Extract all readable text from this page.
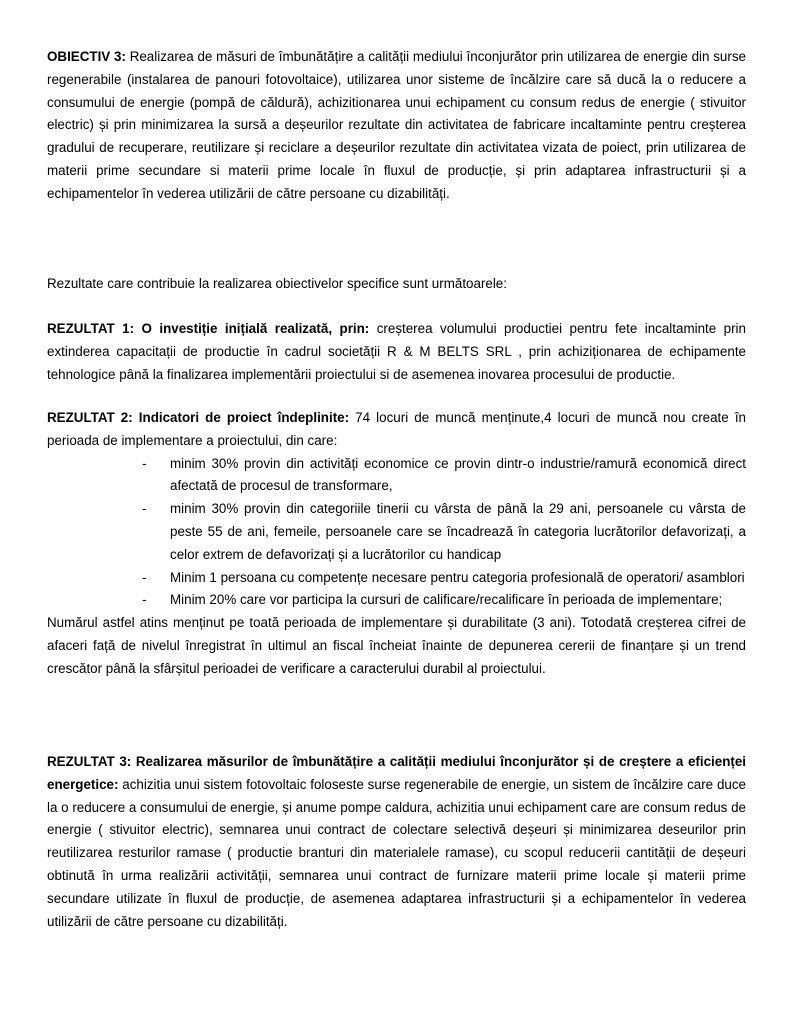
OBIECTIV 3: Realizarea de măsuri de îmbunătățire a calității mediului înconjurător prin utilizarea de energie din surse regenerabile (instalarea de panouri fotovoltaice), utilizarea unor sisteme de încălzire care să ducă la o reducere a consumului de energie (pompă de căldură), achizitionarea unui echipament cu consum redus de energie ( stivuitor electric) și prin minimizarea la sursă a deșeurilor rezultate din activitatea de fabricare incaltaminte pentru creșterea gradului de recuperare, reutilizare și reciclare a deșeurilor rezultate din activitatea vizata de poiect, prin utilizarea de materii prime secundare si materii prime locale în fluxul de producție, și prin adaptarea infrastructurii și a echipamentelor în vederea utilizării de către persoane cu dizabilități.

Rezultate care contribuie la realizarea obiectivelor specifice sunt următoarele:

REZULTAT 1: O investiție inițială realizată, prin: creșterea volumului productiei pentru fete incaltaminte prin extinderea capacitații de productie în cadrul societății R & M BELTS SRL , prin achiziționarea de echipamente tehnologice până la finalizarea implementării proiectului si de asemenea inovarea procesului de productie.

REZULTAT 2: Indicatori de proiect îndeplinite: 74 locuri de muncă menținute,4 locuri de muncă nou create în perioada de implementare a proiectului, din care:

- minim 30% provin din activități economice ce provin dintr-o industrie/ramură economică direct afectată de procesul de transformare,
- minim 30% provin din categoriile tinerii cu vârsta de până la 29 ani, persoanele cu vârsta de peste 55 de ani, femeile, persoanele care se încadrează în categoria lucrătorilor defavorizați, a celor extrem de defavorizați și a lucrătorilor cu handicap
- Minim 1 persoana cu competențe necesare pentru categoria profesională de operatori/ asamblori
- Minim 20% care vor participa la cursuri de calificare/recalificare în perioada de implementare;

Numărul astfel atins menținut pe toată perioada de implementare și durabilitate (3 ani). Totodată creșterea cifrei de afaceri față de nivelul înregistrat în ultimul an fiscal încheiat înainte de depunerea cererii de finanțare și un trend crescător până la sfârșitul perioadei de verificare a caracterului durabil al proiectului.

REZULTAT 3: Realizarea măsurilor de îmbunătățire a calității mediului înconjurător și de creștere a eficienței energetice: achizitia unui sistem fotovoltaic foloseste surse regenerabile de energie, un sistem de încălzire care duce la o reducere a consumului de energie, și anume pompe caldura, achizitia unui echipament care are consum redus de energie ( stivuitor electric), semnarea unui contract de colectare selectivă deșeuri și minimizarea deseurilor prin reutilizarea resturilor ramase ( productie branturi din materialele ramase), cu scopul reducerii cantității de deșeuri obtinută în urma realizării activității, semnarea unui contract de furnizare materii prime locale și materii prime secundare utilizate în fluxul de producție, de asemenea adaptarea infrastructurii și a echipamentelor în vederea utilizării de către persoane cu dizabilități.
